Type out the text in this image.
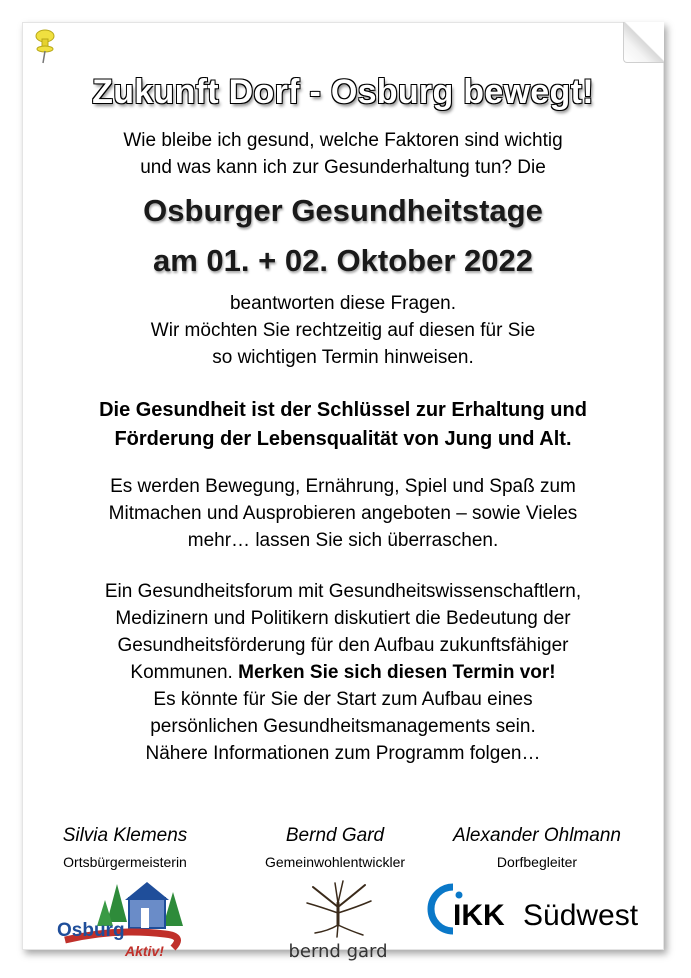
Zukunft Dorf - Osburg bewegt!
Wie bleibe ich gesund, welche Faktoren sind wichtig
und was kann ich zur Gesunderhaltung tun? Die
Osburger Gesundheitstage
am 01. + 02. Oktober 2022
beantworten diese Fragen.
Wir möchten Sie rechtzeitig auf diesen für Sie
so wichtigen Termin hinweisen.
Die Gesundheit ist der Schlüssel zur Erhaltung und
Förderung der Lebensqualität von Jung und Alt.
Es werden Bewegung, Ernährung, Spiel und Spaß zum
Mitmachen und Ausprobieren angeboten – sowie Vieles
mehr… lassen Sie sich überraschen.
Ein Gesundheitsforum mit Gesundheitswissenschaftlern,
Medizinern und Politikern diskutiert die Bedeutung der
Gesundheitsförderung für den Aufbau zukunftsfähiger
Kommunen. Merken Sie sich diesen Termin vor!
Es könnte für Sie der Start zum Aufbau eines
persönlichen Gesundheitsmanagements sein.
Nähere Informationen zum Programm folgen…
Silvia Klemens
Ortsbürgermeisterin
Bernd Gard
Gemeinwohlentwickler
Alexander Ohlmann
Dorfbegleiter
Osburg
Aktiv!	bernd gard
IKK Südwest
